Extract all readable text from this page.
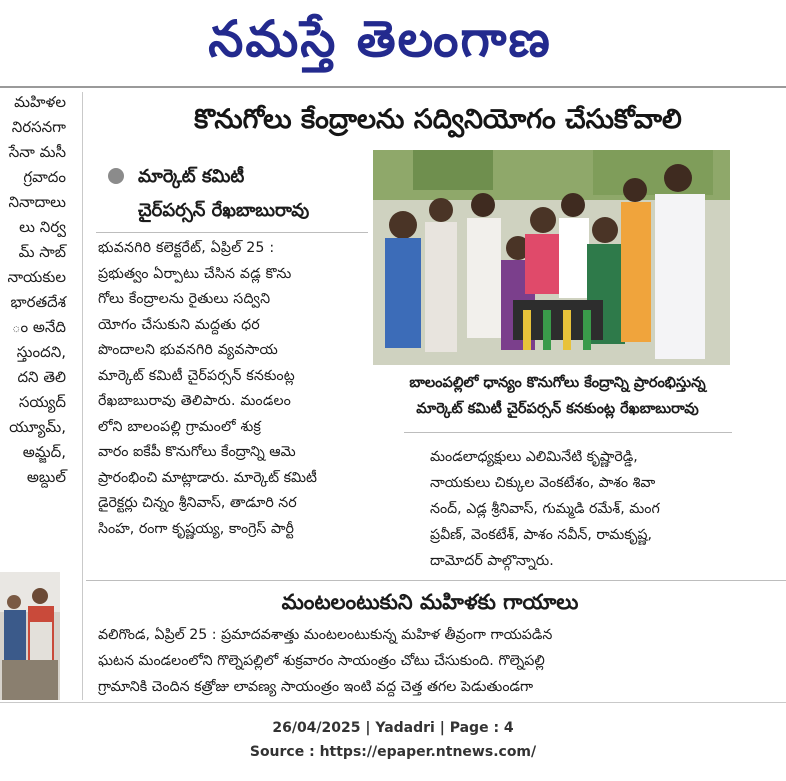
నమస్తే తెలంగాణ
మహిళల
నిరసనగా
సేనా మసీ
గ్రవాదం
నినాదాలు
లు నిర్వ
మ్ సాబ్
నాయకుల
భారతదేశ
ం అనేది
స్తుందని,
దని తెలి
సయ్యద్
య్యూమ్,
అమ్జద్,
అబ్దుల్
కొనుగోలు కేంద్రాలను సద్వినియోగం చేసుకోవాలి
మార్కెట్ కమిటీ
చైర్‌పర్సన్ రేఖబాబురావు
భువనగిరి కలెక్టరేట్, ఏప్రిల్ 25 :
ప్రభుత్వం ఏర్పాటు చేసిన వడ్ల కొను
గోలు కేంద్రాలను రైతులు సద్విని
యోగం చేసుకుని మద్దతు ధర
పొందాలని భువనగిరి వ్యవసాయ
మార్కెట్ కమిటీ చైర్‌పర్సన్ కనకుంట్ల
రేఖబాబురావు తెలిపారు. మండలం
లోని బాలంపల్లి గ్రామంలో శుక్ర
వారం ఐకేపీ కొనుగోలు కేంద్రాన్ని ఆమె
ప్రారంభించి మాట్లాడారు. మార్కెట్ కమిటీ
డైరెక్టర్లు చిన్నం శ్రీనివాస్, తాడూరి నర
సింహ, రంగా కృష్ణయ్య, కాంగ్రెస్ పార్టీ
బాలంపల్లిలో ధాన్యం కొనుగోలు కేంద్రాన్ని ప్రారంభిస్తున్న
మార్కెట్ కమిటీ చైర్‌పర్సన్ కనకుంట్ల రేఖబాబురావు
మండలాధ్యక్షులు ఎలిమినేటి కృష్ణారెడ్డి,
నాయకులు చిక్కుల వెంకటేశం, పాశం శివా
నంద్, ఎడ్ల శ్రీనివాస్, గుమ్మడి రమేశ్, మంగ
ప్రవీణ్, వెంకటేశ్, పాశం నవీన్, రామకృష్ణ,
దామోదర్ పాల్గొన్నారు.
మంటలంటుకుని మహిళకు గాయాలు
వలిగొండ, ఏప్రిల్ 25 : ప్రమాదవశాత్తు మంటలంటుకున్న మహిళ తీవ్రంగా గాయపడిన
ఘటన మండలంలోని గొల్నెపల్లిలో శుక్రవారం సాయంత్రం చోటు చేసుకుంది. గొల్నెపల్లి
గ్రామానికి చెందిన కత్రోజు లావణ్య సాయంత్రం ఇంటి వద్ద చెత్త తగల పెడుతుండగా
26/04/2025 | Yadadri | Page : 4
Source : https://epaper.ntnews.com/
